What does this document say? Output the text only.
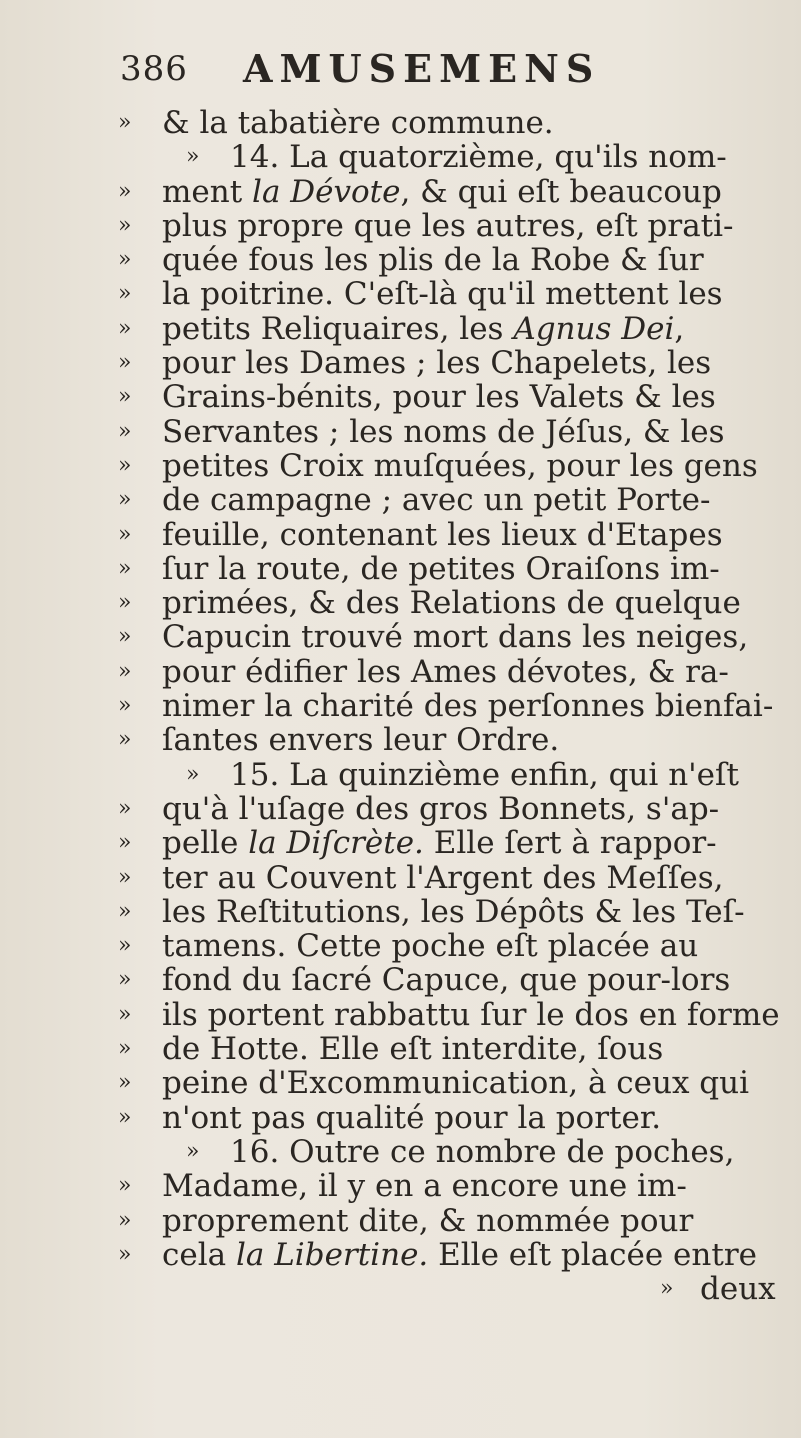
386 AMUSEMENS
» & la tabatière commune.
» 14. La quatorzième, qu'ils nom-
» ment la Dévote, & qui eſt beaucoup
» plus propre que les autres, eſt prati-
» quée fous les plis de la Robe & ſur
» la poitrine. C'eſt-là qu'il mettent les
» petits Reliquaires, les Agnus Dei,
» pour les Dames ; les Chapelets, les
» Grains-bénits, pour les Valets & les
» Servantes ; les noms de Jéſus, & les
» petites Croix muſquées, pour les gens
» de campagne ; avec un petit Porte-
» feuille, contenant les lieux d'Etapes
» ſur la route, de petites Oraiſons im-
» primées, & des Relations de quelque
» Capucin trouvé mort dans les neiges,
» pour édifier les Ames dévotes, & ra-
» nimer la charité des perſonnes bienfai-
» ſantes envers leur Ordre.
» 15. La quinzième enfin, qui n'eſt
» qu'à l'uſage des gros Bonnets, s'ap-
» pelle la Diſcrète. Elle ſert à rappor-
» ter au Couvent l'Argent des Meſſes,
» les Reſtitutions, les Dépôts & les Teſ-
» tamens. Cette poche eſt placée au
» fond du ſacré Capuce, que pour-lors
» ils portent rabbattu ſur le dos en forme
» de Hotte. Elle eſt interdite, ſous
» peine d'Excommunication, à ceux qui
» n'ont pas qualité pour la porter.
» 16. Outre ce nombre de poches,
» Madame, il y en a encore une im-
» proprement dite, & nommée pour
» cela la Libertine. Elle eſt placée entre
» deux
